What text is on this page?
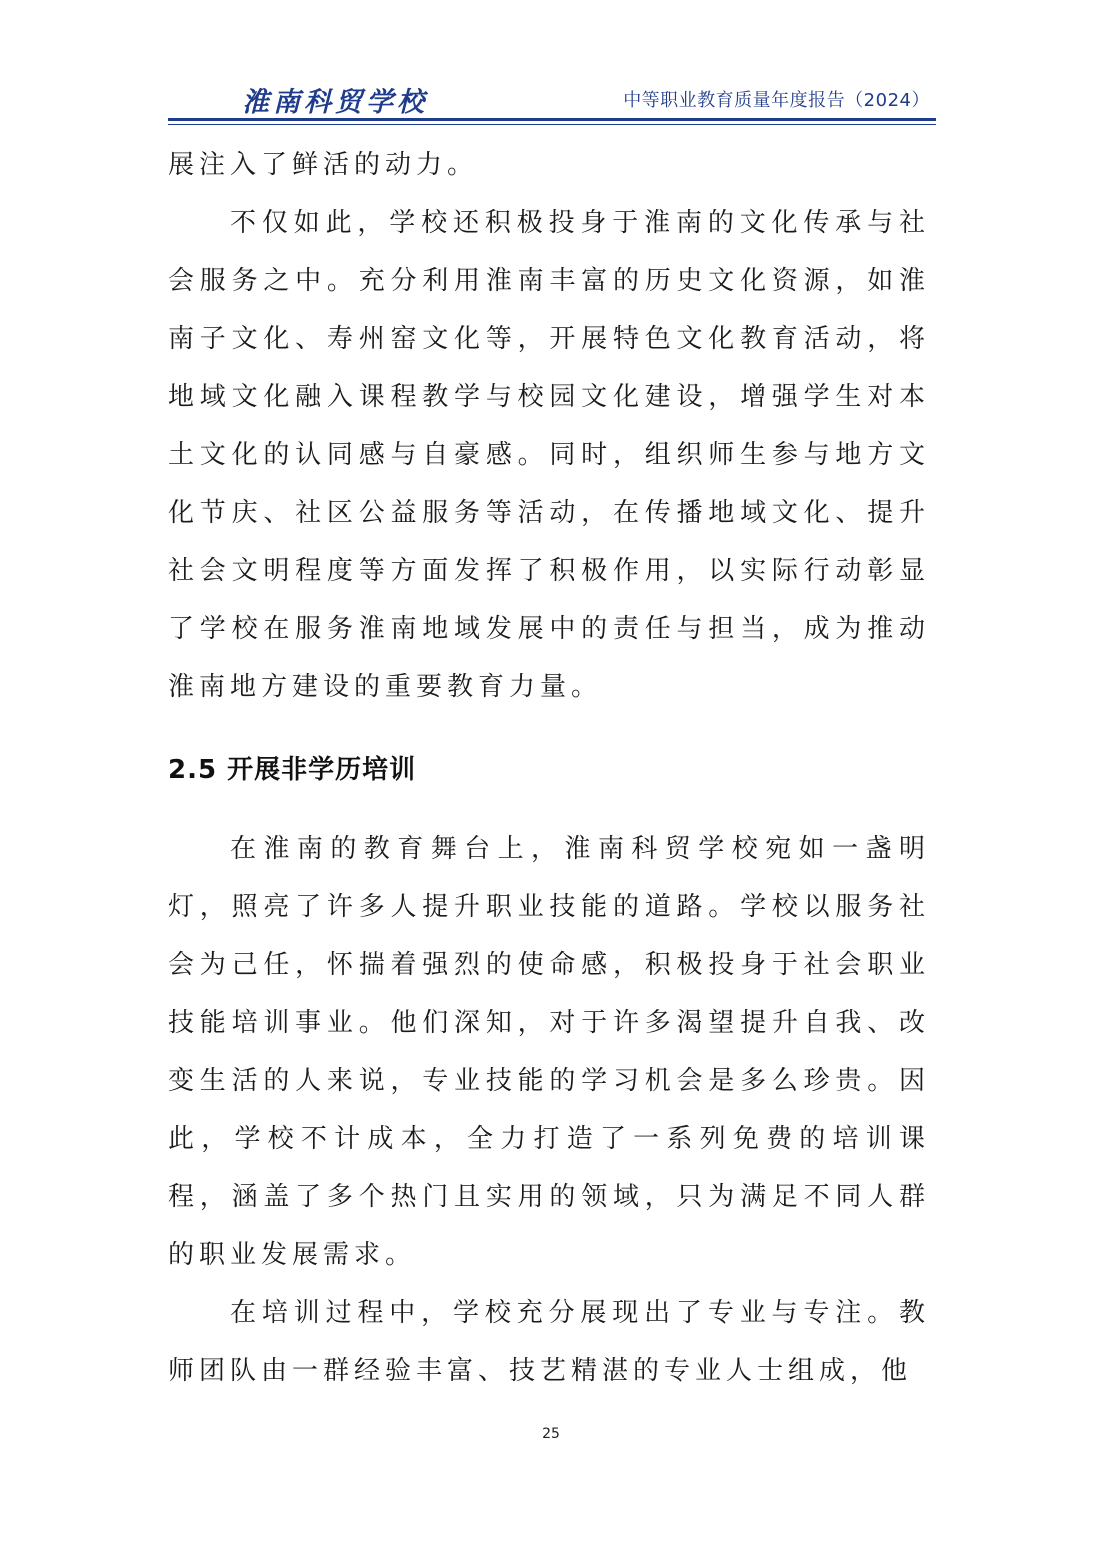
淮南科贸学校	中等职业教育质量年度报告（2024）

展注入了鲜活的动力。

不仅如此，学校还积极投身于淮南的文化传承与社会服务之中。充分利用淮南丰富的历史文化资源，如淮南子文化、寿州窑文化等，开展特色文化教育活动，将地域文化融入课程教学与校园文化建设，增强学生对本土文化的认同感与自豪感。同时，组织师生参与地方文化节庆、社区公益服务等活动，在传播地域文化、提升社会文明程度等方面发挥了积极作用，以实际行动彰显了学校在服务淮南地域发展中的责任与担当，成为推动淮南地方建设的重要教育力量。

2.5 开展非学历培训

在淮南的教育舞台上，淮南科贸学校宛如一盏明灯，照亮了许多人提升职业技能的道路。学校以服务社会为己任，怀揣着强烈的使命感，积极投身于社会职业技能培训事业。他们深知，对于许多渴望提升自我、改变生活的人来说，专业技能的学习机会是多么珍贵。因此，学校不计成本，全力打造了一系列免费的培训课程，涵盖了多个热门且实用的领域，只为满足不同人群的职业发展需求。

在培训过程中，学校充分展现出了专业与专注。教师团队由一群经验丰富、技艺精湛的专业人士组成，他

25
